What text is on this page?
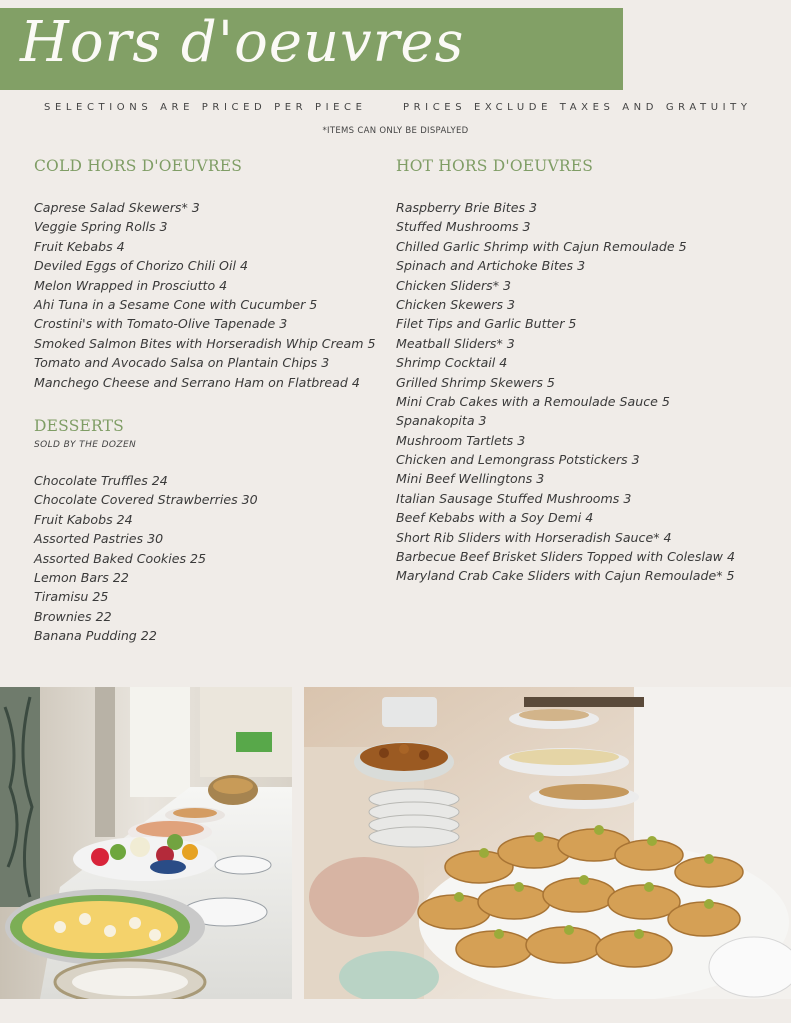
Hors d'oeuvres
SELECTIONS ARE PRICED PER PIECE	PRICES EXCLUDE TAXES AND GRATUITY
*ITEMS CAN ONLY BE DISPALYED
COLD HORS D'OEUVRES
Caprese Salad Skewers* 3
Veggie Spring Rolls 3
Fruit Kebabs 4
Deviled Eggs of Chorizo Chili Oil 4
Melon Wrapped in Prosciutto 4
Ahi Tuna in a Sesame Cone with Cucumber 5
Crostini's with Tomato-Olive Tapenade 3
Smoked Salmon Bites with Horseradish Whip Cream 5
Tomato and Avocado Salsa on Plantain Chips 3
Manchego Cheese and Serrano Ham on Flatbread 4
DESSERTS
SOLD BY THE DOZEN
Chocolate Truffles 24
Chocolate Covered Strawberries 30
Fruit Kabobs 24
Assorted Pastries 30
Assorted Baked Cookies 25
Lemon Bars 22
Tiramisu 25
Brownies 22
Banana Pudding 22
HOT HORS D'OEUVRES
Raspberry Brie Bites 3
Stuffed Mushrooms 3
Chilled Garlic Shrimp with Cajun Remoulade 5
Spinach and Artichoke Bites 3
Chicken Sliders* 3
Chicken Skewers 3
Filet Tips and Garlic Butter 5
Meatball Sliders* 3
Shrimp Cocktail 4
Grilled Shrimp Skewers 5
Mini Crab Cakes with a Remoulade Sauce 5
Spanakopita 3
Mushroom Tartlets 3
Chicken and Lemongrass Potstickers 3
Mini Beef Wellingtons 3
Italian Sausage Stuffed Mushrooms 3
Beef Kebabs with a Soy Demi 4
Short Rib Sliders with Horseradish Sauce* 4
Barbecue Beef Brisket Sliders Topped with Coleslaw 4
Maryland Crab Cake Sliders with Cajun Remoulade* 5
